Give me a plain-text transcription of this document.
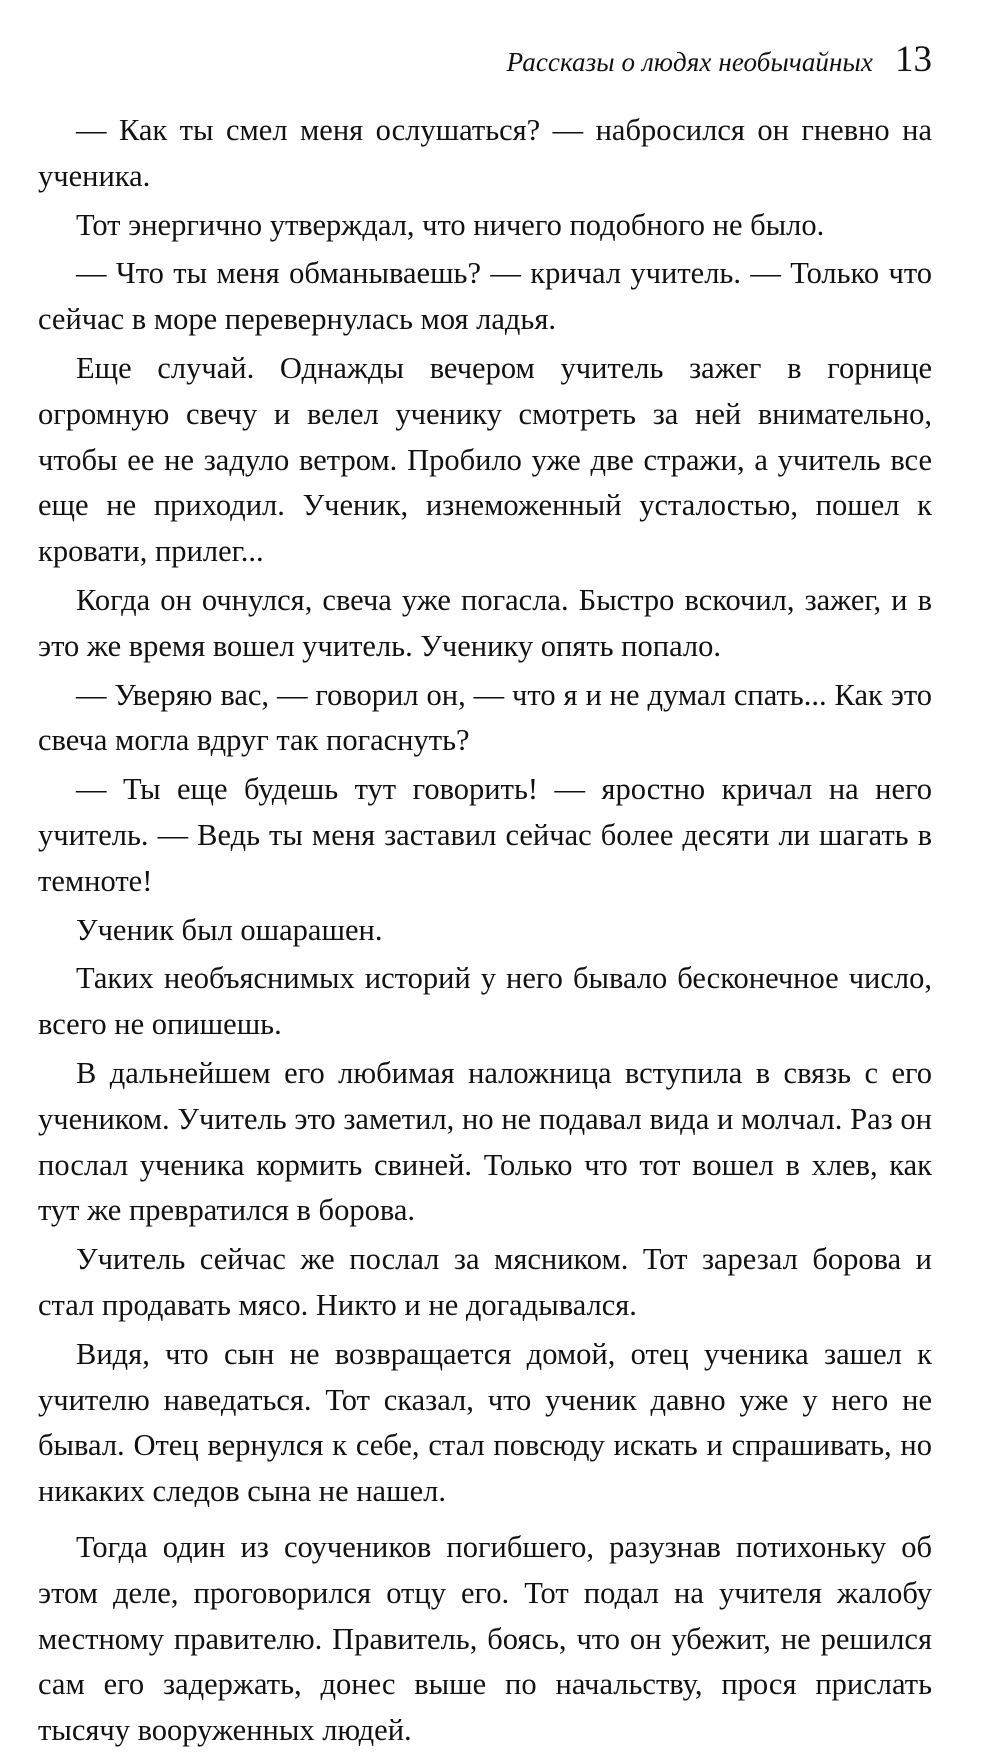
Рассказы о людях необычайных 13

— Как ты смел меня ослушаться? — набросился он гневно на ученика.

Тот энергично утверждал, что ничего подобного не было.

— Что ты меня обманываешь? — кричал учитель. — Только что сейчас в море перевернулась моя ладья.

Еще случай. Однажды вечером учитель зажег в горнице огромную свечу и велел ученику смотреть за ней внимательно, чтобы ее не задуло ветром. Пробило уже две стражи, а учитель все еще не приходил. Ученик, изнеможенный усталостью, пошел к кровати, прилег...

Когда он очнулся, свеча уже погасла. Быстро вскочил, зажег, и в это же время вошел учитель. Ученику опять попало.

— Уверяю вас, — говорил он, — что я и не думал спать... Как это свеча могла вдруг так погаснуть?

— Ты еще будешь тут говорить! — яростно кричал на него учитель. — Ведь ты меня заставил сейчас более десяти ли шагать в темноте!

Ученик был ошарашен.

Таких необъяснимых историй у него бывало бесконечное число, всего не опишешь.

В дальнейшем его любимая наложница вступила в связь с его учеником. Учитель это заметил, но не подавал вида и молчал. Раз он послал ученика кормить свиней. Только что тот вошел в хлев, как тут же превратился в борова.

Учитель сейчас же послал за мясником. Тот зарезал борова и стал продавать мясо. Никто и не догадывался.

Видя, что сын не возвращается домой, отец ученика зашел к учителю наведаться. Тот сказал, что ученик давно уже у него не бывал. Отец вернулся к себе, стал повсюду искать и спрашивать, но никаких следов сына не нашел.

Тогда один из соучеников погибшего, разузнав потихоньку об этом деле, проговорился отцу его. Тот подал на учителя жалобу местному правителю. Правитель, боясь, что он убежит, не решился сам его задержать, донес выше по начальству, прося прислать тысячу вооруженных людей.
